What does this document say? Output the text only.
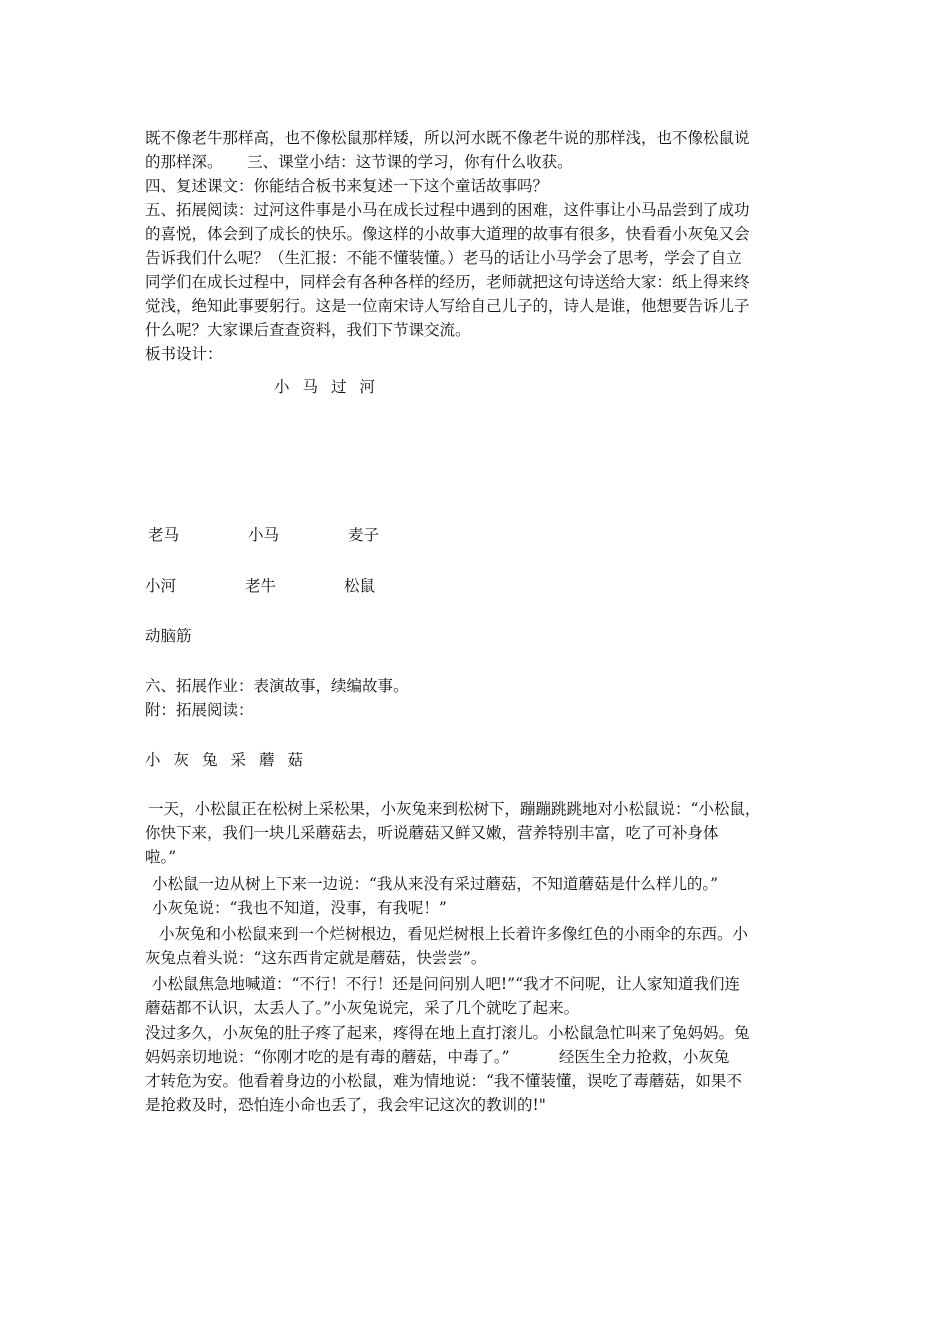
既不像老牛那样高，也不像松鼠那样矮，所以河水既不像老牛说的那样浅，也不像松鼠说
的那样深。     三、课堂小结：这节课的学习，你有什么收获。
四、复述课文：你能结合板书来复述一下这个童话故事吗？
五、拓展阅读：过河这件事是小马在成长过程中遇到的困难，这件事让小马品尝到了成功
的喜悦，体会到了成长的快乐。像这样的小故事大道理的故事有很多，快看看小灰兔又会
告诉我们什么呢？（生汇报：不能不懂装懂。）老马的话让小马学会了思考，学会了自立
同学们在成长过程中，同样会有各种各样的经历，老师就把这句诗送给大家：纸上得来终
觉浅，绝知此事要躬行。这是一位南宋诗人写给自己儿子的，诗人是谁，他想要告诉儿子
什么呢？大家课后查查资料，我们下节课交流。
板书设计：
小马过河
老马	小马	麦子
小河	老牛	松鼠
动脑筋
六、拓展作业：表演故事，续编故事。
附：拓展阅读：
小灰兔采蘑菇
一天，小松鼠正在松树上采松果，小灰兔来到松树下，蹦蹦跳跳地对小松鼠说：“小松鼠，
你快下来，我们一块儿采蘑菇去，听说蘑菇又鲜又嫩，营养特别丰富，吃了可补身体
啦。”
小松鼠一边从树上下来一边说：“我从来没有采过蘑菇，不知道蘑菇是什么样儿的。”
小灰兔说：“我也不知道，没事，有我呢！”
小灰兔和小松鼠来到一个烂树根边，看见烂树根上长着许多像红色的小雨伞的东西。小
灰兔点着头说：“这东西肯定就是蘑菇，快尝尝”。
小松鼠焦急地喊道：“不行！不行！还是问问别人吧!”“我才不问呢，让人家知道我们连
蘑菇都不认识，太丢人了。”小灰兔说完，采了几个就吃了起来。
没过多久，小灰兔的肚子疼了起来，疼得在地上直打滚儿。小松鼠急忙叫来了兔妈妈。兔
妈妈亲切地说：“你刚才吃的是有毒的蘑菇，中毒了。”          经医生全力抢救，小灰兔
才转危为安。他看着身边的小松鼠，难为情地说：“我不懂装懂，误吃了毒蘑菇，如果不
是抢救及时，恐怕连小命也丢了，我会牢记这次的教训的!"
